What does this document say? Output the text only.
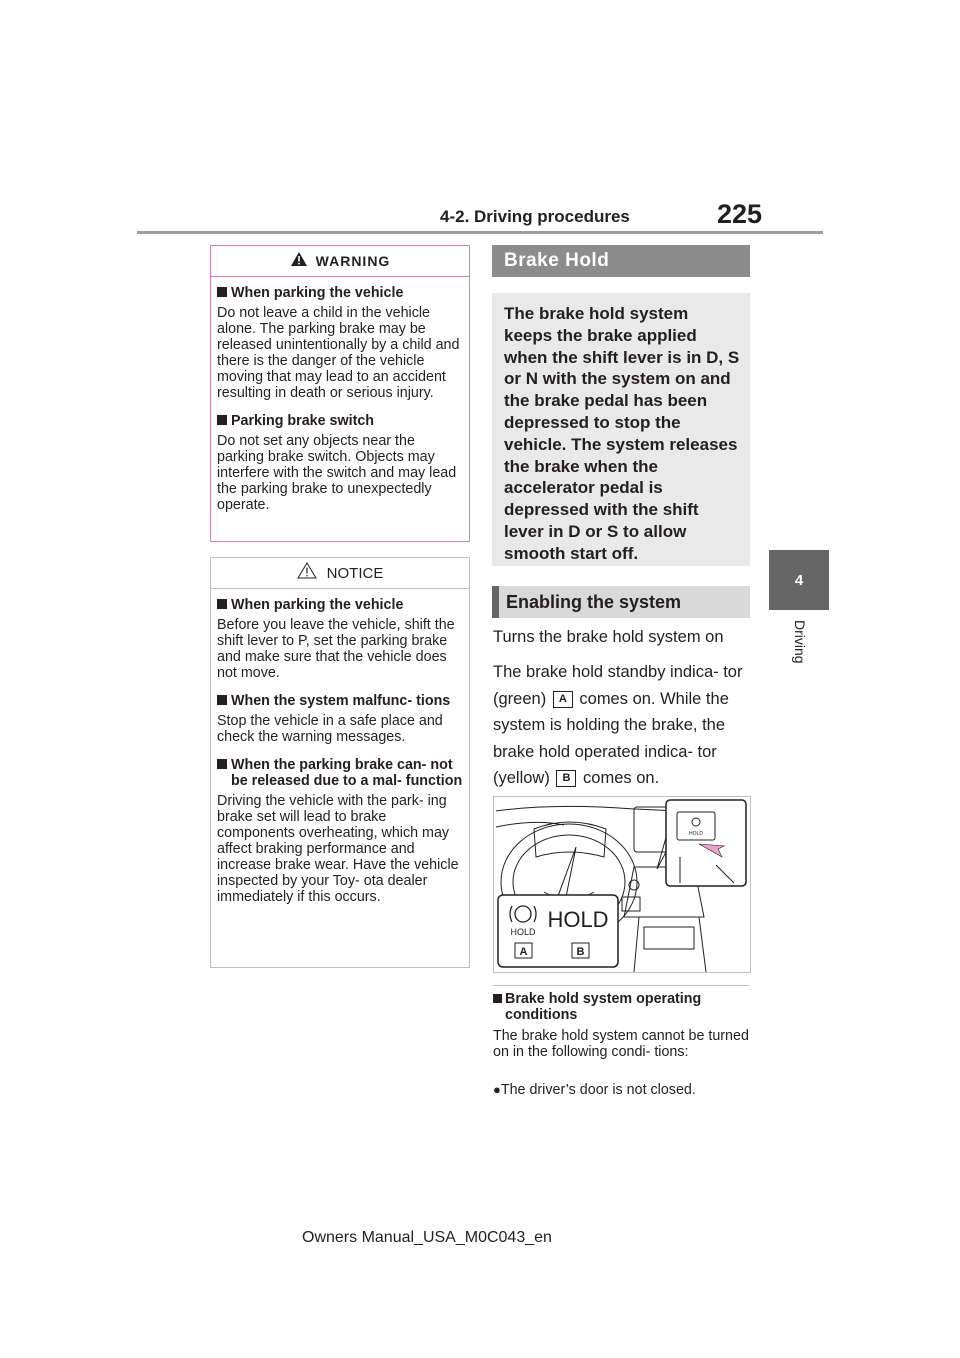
4-2. Driving procedures	225
4
Driving
WARNING
When parking the vehicle
Do not leave a child in the vehicle alone. The parking brake may be released unintentionally by a child and there is the danger of the vehicle moving that may lead to an accident resulting in death or serious injury.
Parking brake switch
Do not set any objects near the parking brake switch. Objects may interfere with the switch and may lead the parking brake to unexpectedly operate.
NOTICE
When parking the vehicle
Before you leave the vehicle, shift the shift lever to P, set the parking brake and make sure that the vehicle does not move.
When the system malfunc- tions
Stop the vehicle in a safe place and check the warning messages.
When the parking brake can- not be released due to a mal- function
Driving the vehicle with the park- ing brake set will lead to brake components overheating, which may affect braking performance and increase brake wear. Have the vehicle inspected by your Toy- ota dealer immediately if this occurs.
Brake Hold
The brake hold system keeps the brake applied when the shift lever is in D, S or N with the system on and the brake pedal has been depressed to stop the vehicle. The system releases the brake when the accelerator pedal is depressed with the shift lever in D or S to allow smooth start off.
Enabling the system
Turns the brake hold system on
The brake hold standby indica- tor (green) A comes on. While the system is holding the brake, the brake hold operated indica- tor (yellow) B comes on.
HOLD
HOLD HOLD
A	B
Brake hold system operating conditions
The brake hold system cannot be turned on in the following condi- tions:
●The driver’s door is not closed.
Owners Manual_USA_M0C043_en
